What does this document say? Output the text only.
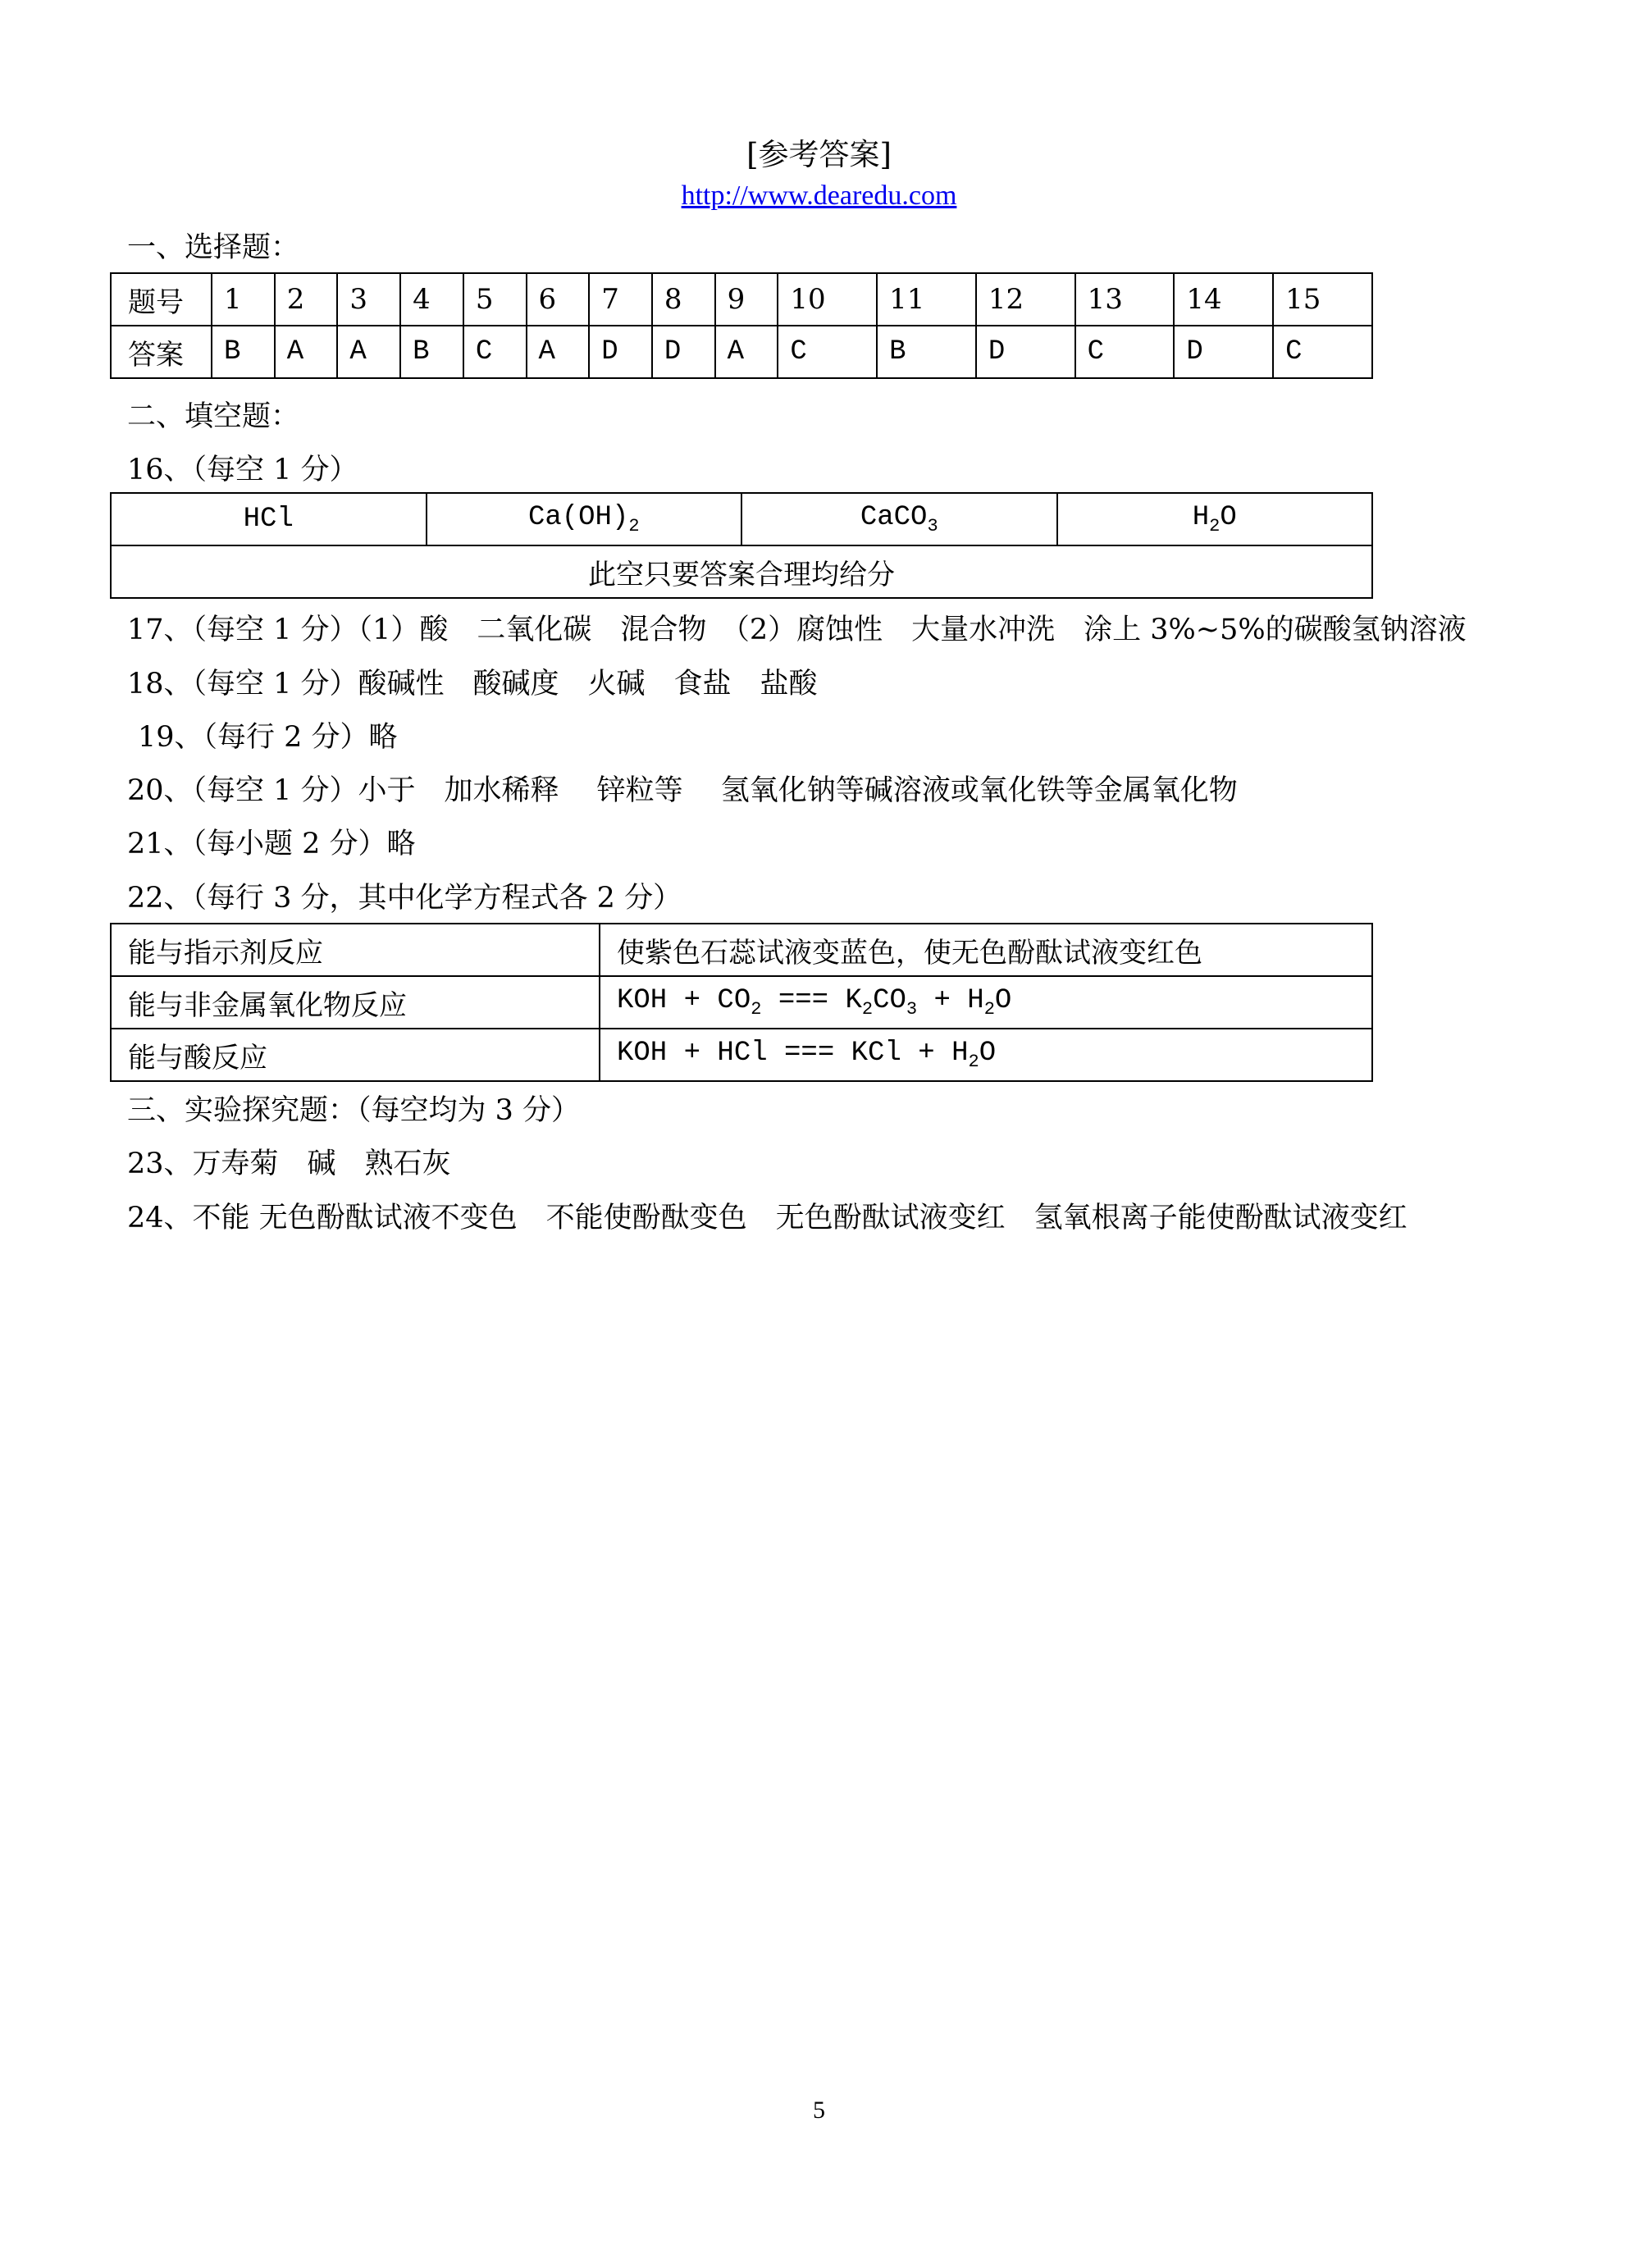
[参考答案]
http://www.dearedu.com
一、选择题：
题号	1	2	3	4	5	6	7	8	9	10	11	12	13	14	15
答案	B	A	A	B	C	A	D	D	A	C	B	D	C	D	C
二、填空题：
16、（每空 1 分）
HCl	$Ca(OH)_2$	CaCO$_3$	$H_2O$
此空只要答案合理均给分
17、（每空 1 分）（1）酸　二氧化碳　混合物　（2）腐蚀性　大量水冲洗　涂上 3%~5%的碳酸氢钠溶液
18、（每空 1 分）酸碱性　酸碱度　火碱　食盐　盐酸
19、（每行 2 分）略
20、（每空 1 分）小于　加水稀释　 锌粒等　 氢氧化钠等碱溶液或氧化铁等金属氧化物
21、（每小题 2 分）略
22、（每行 3 分，其中化学方程式各 2 分）
能与指示剂反应	使紫色石蕊试液变蓝色，使无色酚酞试液变红色
能与非金属氧化物反应	KOH + $CO_2$ === $K_2CO_3 + H_2O$
能与酸反应	KOH + HCl === KCl + $H_2O$
三、实验探究题：（每空均为 3 分）
23、万寿菊　碱　熟石灰
24、不能 无色酚酞试液不变色　不能使酚酞变色　无色酚酞试液变红　氢氧根离子能使酚酞试液变红
5
